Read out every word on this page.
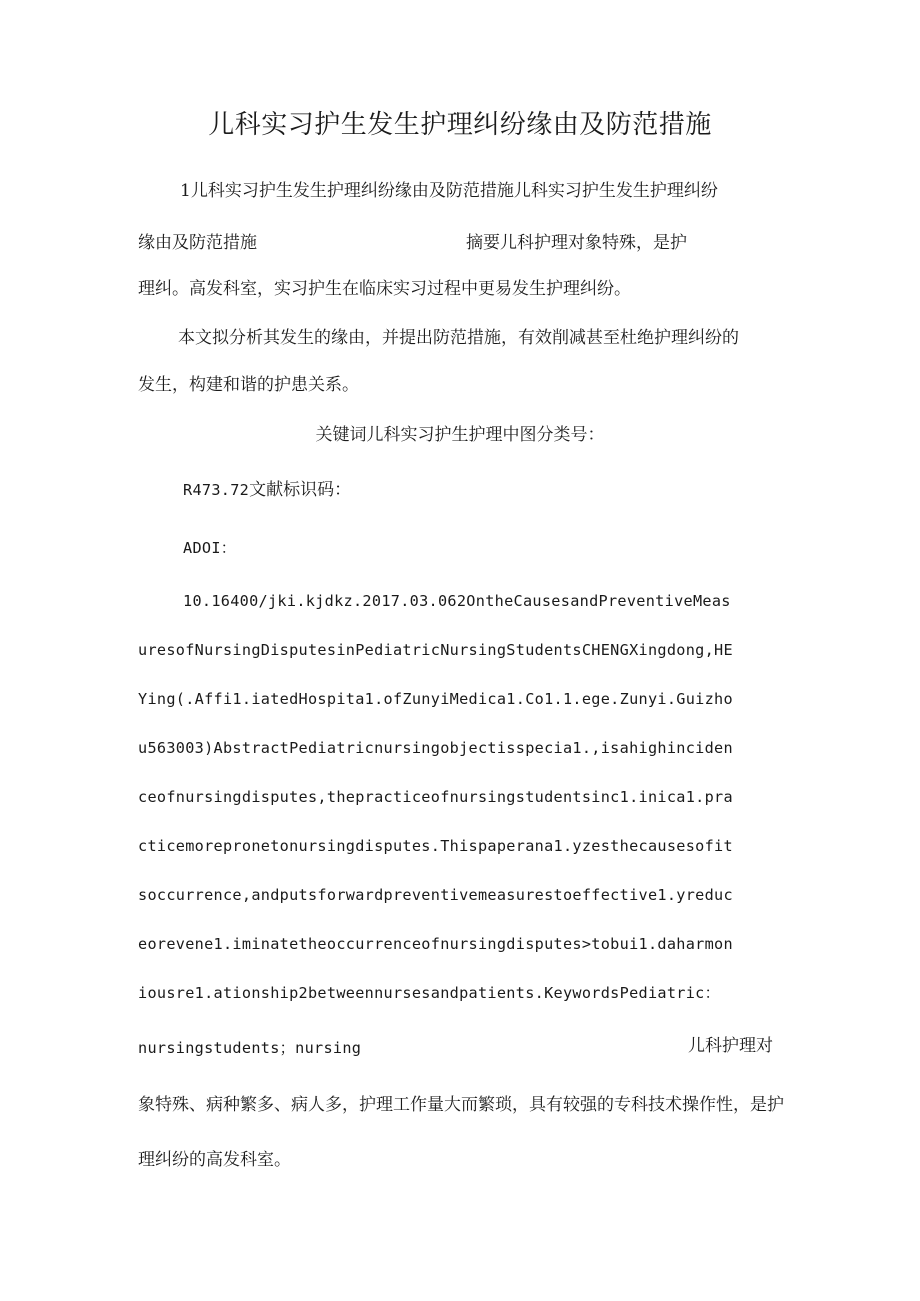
儿科实习护生发生护理纠纷缘由及防范措施
1儿科实习护生发生护理纠纷缘由及防范措施儿科实习护生发生护理纠纷
缘由及防范措施	摘要儿科护理对象特殊，是护
理纠。高发科室，实习护生在临床实习过程中更易发生护理纠纷。
本文拟分析其发生的缘由，并提出防范措施，有效削减甚至杜绝护理纠纷的
发生，构建和谐的护患关系。
关键词儿科实习护生护理中图分类号：
R473.72文献标识码：
ADOI：
10.16400/jki.kjdkz.2017.03.062OntheCausesandPreventiveMeas
uresofNursingDisputesinPediatricNursingStudentsCHENGXingdong,HE
Ying(.Affi1.iatedHospita1.ofZunyiMedica1.Co1.1.ege.Zunyi.Guizho
u563003)AbstractPediatricnursingobjectisspecia1.,isahighinciden
ceofnursingdisputes,thepracticeofnursingstudentsinc1.inica1.pra
cticemorepronetonursingdisputes.Thispaperana1.yzesthecausesofit
soccurrence,andputsforwardpreventivemeasurestoeffective1.yreduc
eorevene1.iminatetheoccurrenceofnursingdisputes>tobui1.daharmon
iousre1.ationship2betweennursesandpatients.KeywordsPediatric：
nursingstudents；nursing	儿科护理对
象特殊、病种繁多、病人多，护理工作量大而繁琐，具有较强的专科技术操作性，是护
理纠纷的高发科室。
